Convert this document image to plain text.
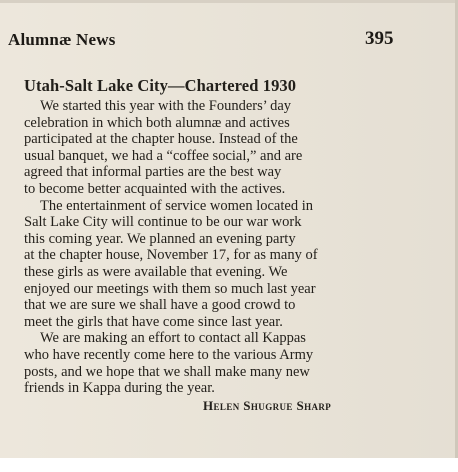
Alumnæ News	395
Utah-Salt Lake City—Chartered 1930

We started this year with the Founders’ day
celebration in which both alumnæ and actives
participated at the chapter house. Instead of the
usual banquet, we had a “coffee social,” and are
agreed that informal parties are the best way
to become better acquainted with the actives.

The entertainment of service women located in
Salt Lake City will continue to be our war work
this coming year. We planned an evening party
at the chapter house, November 17, for as many of
these girls as were available that evening. We
enjoyed our meetings with them so much last year
that we are sure we shall have a good crowd to
meet the girls that have come since last year.

We are making an effort to contact all Kappas
who have recently come here to the various Army
posts, and we hope that we shall make many new
friends in Kappa during the year.

Helen Shugrue Sharp
